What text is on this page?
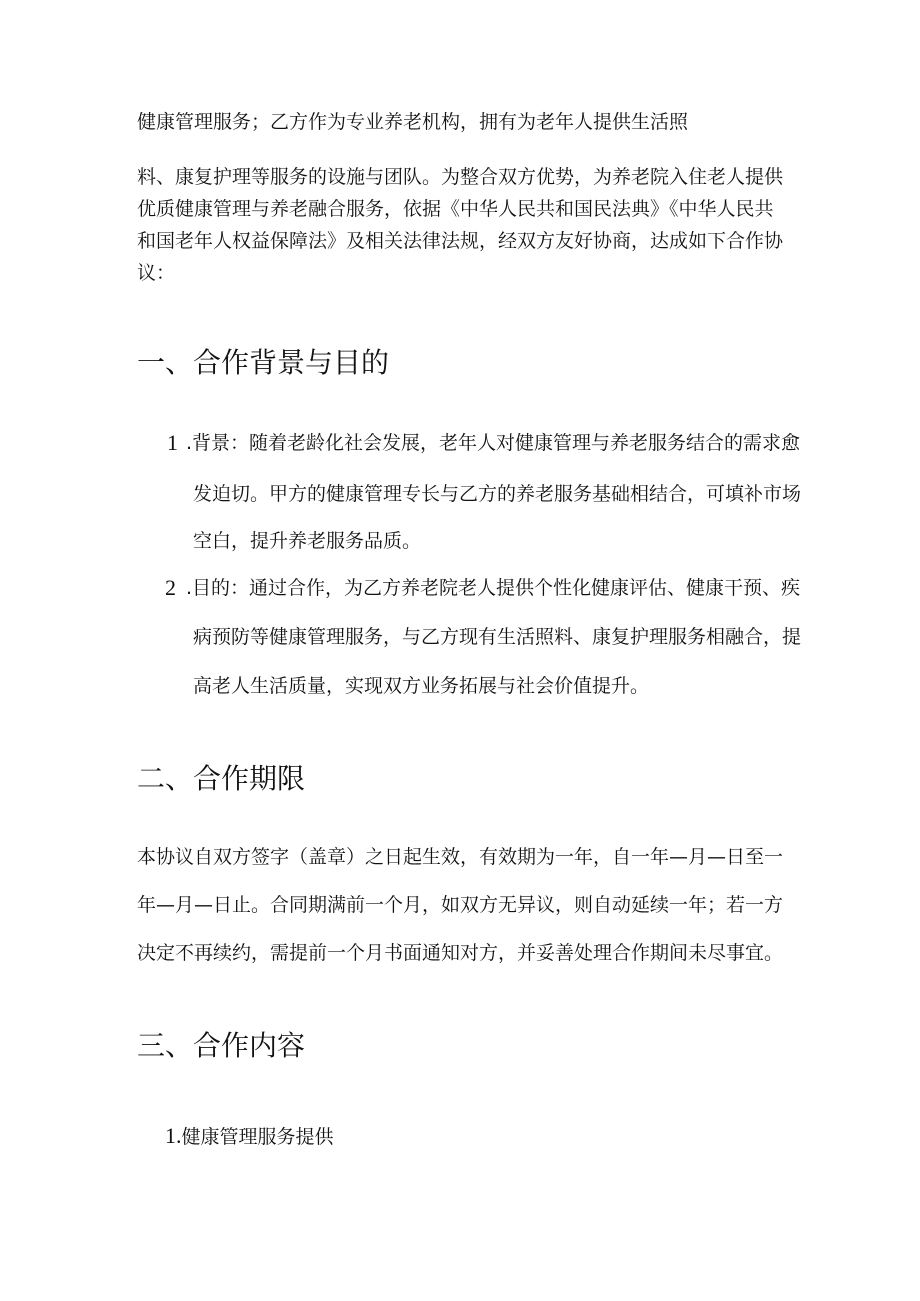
健康管理服务；乙方作为专业养老机构，拥有为老年人提供生活照
料、康复护理等服务的设施与团队。为整合双方优势，为养老院入住老人提供
优质健康管理与养老融合服务，依据《中华人民共和国民法典》《中华人民共
和国老年人权益保障法》及相关法律法规，经双方友好协商，达成如下合作协
议：
一、合作背景与目的
1 .背景：随着老龄化社会发展，老年人对健康管理与养老服务结合的需求愈
发迫切。甲方的健康管理专长与乙方的养老服务基础相结合，可填补市场
空白，提升养老服务品质。
2 .目的：通过合作，为乙方养老院老人提供个性化健康评估、健康干预、疾
病预防等健康管理服务，与乙方现有生活照料、康复护理服务相融合，提
高老人生活质量，实现双方业务拓展与社会价值提升。
二、合作期限
本协议自双方签字（盖章）之日起生效，有效期为一年，自一年—月—日至一
年—月—日止。合同期满前一个月，如双方无异议，则自动延续一年；若一方
决定不再续约，需提前一个月书面通知对方，并妥善处理合作期间未尽事宜。
三、合作内容
1.健康管理服务提供
